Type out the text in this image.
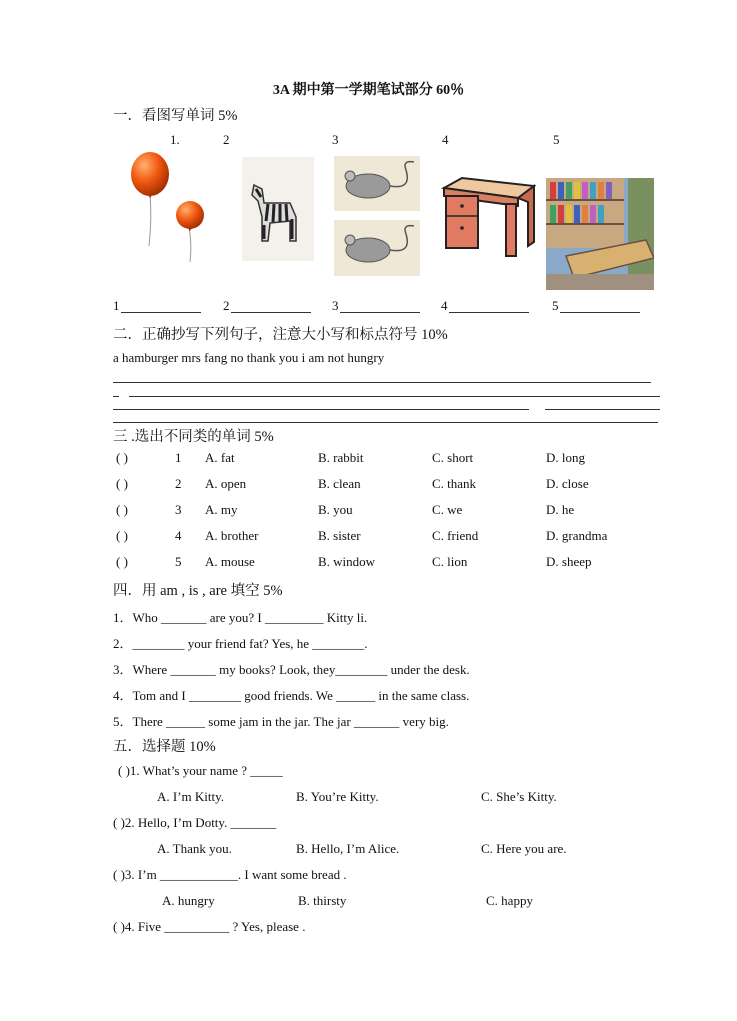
3A 期中第一学期笔试部分 60％
一．看图写单词 5%
1.	2	3	4	5
1	2	3	4	5
二．正确抄写下列句子，注意大小写和标点符号 10%
a hamburger mrs fang no thank you i am not hungry
三 .选出不同类的单词 5%
( )	1 A. fat	B. rabbit	C. short	D. long
( )	2 A. open	B. clean	C. thank	D. close
( )	3 A. my	B. you	C. we	D. he
( )	4 A. brother	B. sister	C. friend	D. grandma
( )	5 A. mouse	B. window	C. lion	D. sheep
四．用 am , is , are 填空 5%
1．Who _______ are you? I _________ Kitty li.
2．________ your friend fat? Yes, he ________.
3．Where _______ my books? Look, they________ under the desk.
4．Tom and I ________ good friends. We ______ in the same class.
5．There ______ some jam in the jar. The jar _______ very big.
五．选择题 10%
( )1. What’s your name ? _____
A. I’m Kitty.	B. You’re Kitty.	C. She’s Kitty.
( )2. Hello, I’m Dotty. _______
A. Thank you.	B. Hello, I’m Alice.	C. Here you are.
( )3. I’m ____________. I want some bread .
A. hungry	B. thirsty	C. happy
( )4. Five __________ ? Yes, please .
